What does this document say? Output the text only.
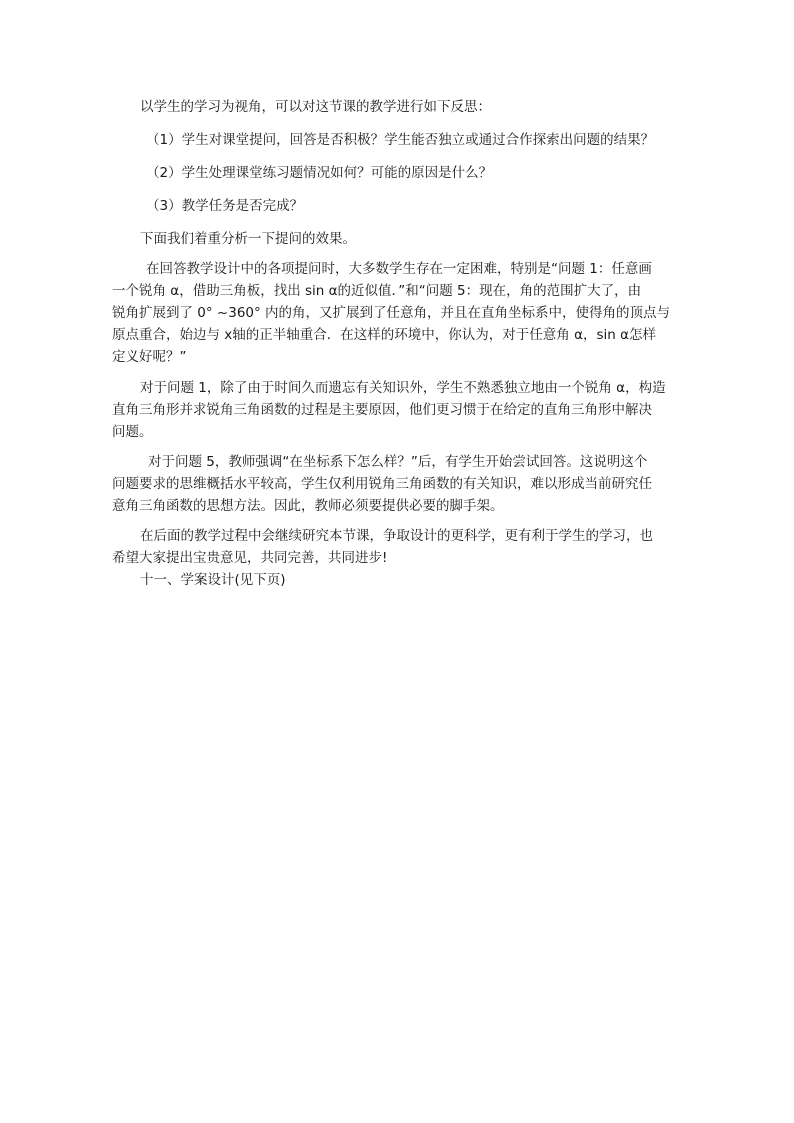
以学生的学习为视角，可以对这节课的教学进行如下反思：

（1）学生对课堂提问，回答是否积极？学生能否独立或通过合作探索出问题的结果？

（2）学生处理课堂练习题情况如何？可能的原因是什么？

（3）教学任务是否完成？

下面我们着重分析一下提问的效果。

在回答教学设计中的各项提问时，大多数学生存在一定困难，特别是“问题 1：任意画
一个锐角 α，借助三角板，找出 sin α的近似值．”和“问题 5：现在，角的范围扩大了，由
锐角扩展到了 0° ~360° 内的角，又扩展到了任意角，并且在直角坐标系中，使得角的顶点与
原点重合，始边与 x轴的正半轴重合．在这样的环境中，你认为，对于任意角 α，sin α怎样
定义好呢？”

对于问题 1，除了由于时间久而遗忘有关知识外，学生不熟悉独立地由一个锐角 α，构造
直角三角形并求锐角三角函数的过程是主要原因，他们更习惯于在给定的直角三角形中解决
问题。

对于问题 5，教师强调“在坐标系下怎么样？”后，有学生开始尝试回答。这说明这个
问题要求的思维概括水平较高，学生仅利用锐角三角函数的有关知识，难以形成当前研究任
意角三角函数的思想方法。因此，教师必须要提供必要的脚手架。

在后面的教学过程中会继续研究本节课，争取设计的更科学，更有利于学生的学习，也
希望大家提出宝贵意见，共同完善，共同进步!

十一、学案设计(见下页)
